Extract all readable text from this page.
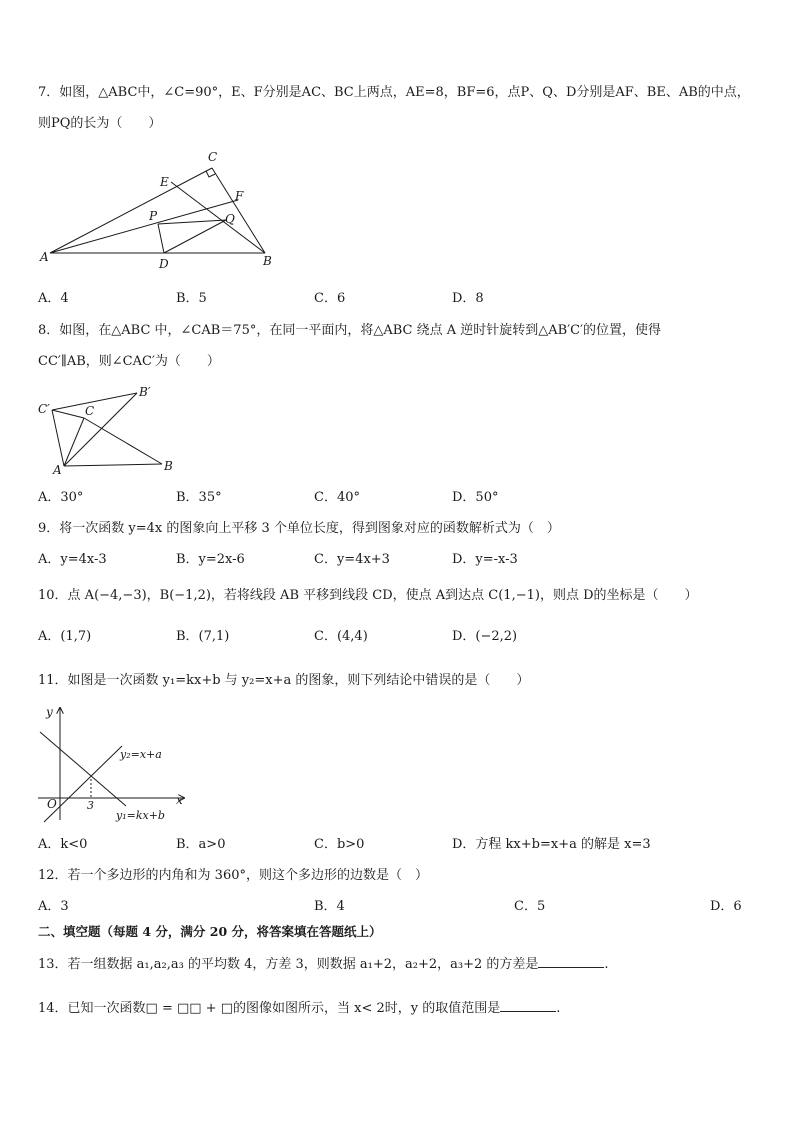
7．如图，△ABC中，∠C=90°，E、F分别是AC、BC上两点，AE=8，BF=6，点P、Q、D分别是AF、BE、AB的中点，
则PQ的长为（　　）
C
E
F
P	Q
A	D	B
A．4	B．5	C．6	D．8
8．如图，在△ABC 中，∠CAB＝75°，在同一平面内，将△ABC 绕点 A 逆时针旋转到△AB′C′的位置，使得
CC′∥AB，则∠CAC′为（　　）
C′	C
B′
A	B
A．30°	B．35°	C．40°	D．50°
9．将一次函数 y=4x 的图象向上平移 3 个单位长度，得到图象对应的函数解析式为（　）
A．y=4x-3	B．y=2x-6	C．y=4x+3	D．y=-x-3
10．点 A(−4,−3)，B(−1,2)，若将线段 AB 平移到线段 CD，使点 A到达点 C(1,−1)，则点 D的坐标是（　　）
A．(1,7)	B．(7,1)	C．(4,4)	D．(−2,2)
11．如图是一次函数 y₁=kx+b 与 y₂=x+a 的图象，则下列结论中错误的是（　　）
y
x
O	3
y₂=x+a
y₁=kx+b
A．k<0	B．a>0	C．b>0	D．方程 kx+b=x+a 的解是 x=3
12．若一个多边形的内角和为 360°，则这个多边形的边数是（　）
A．3	B．4	C．5	D．6
二、填空题（每题 4 分，满分 20 分，将答案填在答题纸上）
13．若一组数据 a₁,a₂,a₃ 的平均数 4，方差 3，则数据 a₁+2，a₂+2，a₃+2 的方差是	.
14．已知一次函数□ = □□ + □的图像如图所示，当 x< 2时，y 的取值范围是	.
